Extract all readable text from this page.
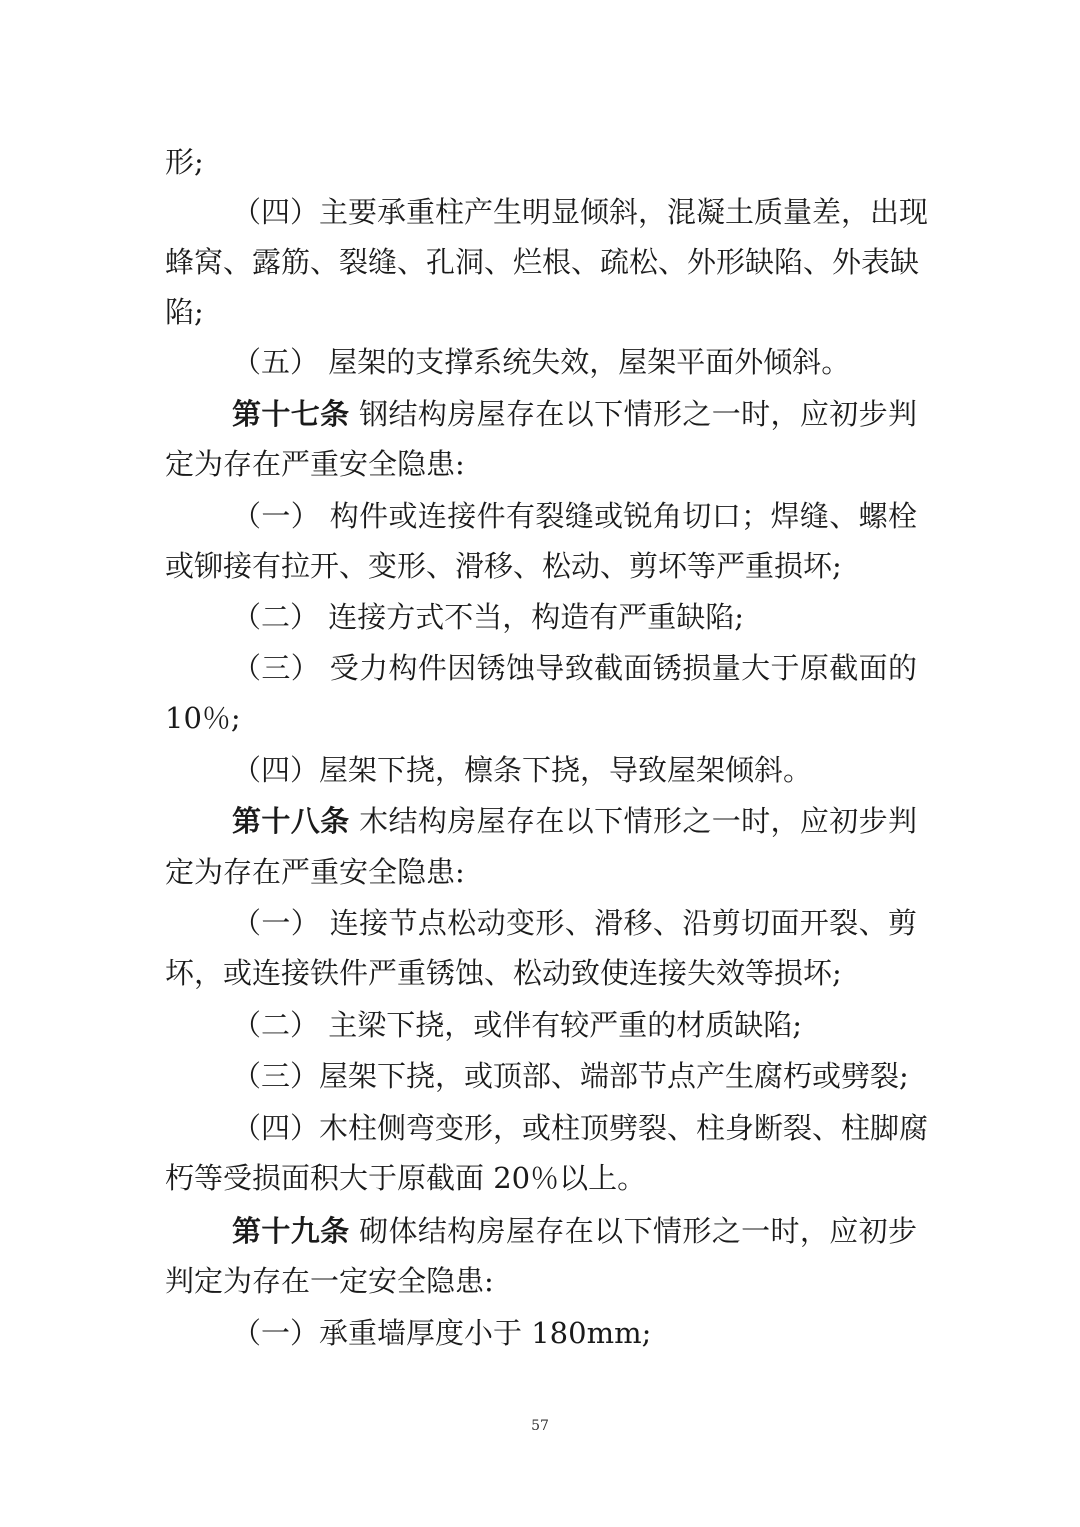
形;
（四）主要承重柱产生明显倾斜，混凝土质量差，出现
蜂窝、露筋、裂缝、孔洞、烂根、疏松、外形缺陷、外表缺
陷;
（五） 屋架的支撑系统失效，屋架平面外倾斜。
第十七条 钢结构房屋存在以下情形之一时，应初步判
定为存在严重安全隐患:
（一） 构件或连接件有裂缝或锐角切口；焊缝、螺栓
或铆接有拉开、变形、滑移、松动、剪坏等严重损坏;
（二） 连接方式不当，构造有严重缺陷;
（三） 受力构件因锈蚀导致截面锈损量大于原截面的
10％;
（四）屋架下挠，檩条下挠，导致屋架倾斜。
第十八条 木结构房屋存在以下情形之一时，应初步判
定为存在严重安全隐患:
（一） 连接节点松动变形、滑移、沿剪切面开裂、剪
坏，或连接铁件严重锈蚀、松动致使连接失效等损坏;
（二） 主梁下挠，或伴有较严重的材质缺陷;
（三）屋架下挠，或顶部、端部节点产生腐朽或劈裂;
（四）木柱侧弯变形，或柱顶劈裂、柱身断裂、柱脚腐
朽等受损面积大于原截面 20％以上。
第十九条 砌体结构房屋存在以下情形之一时，应初步
判定为存在一定安全隐患:
（一）承重墙厚度小于 180mm;
57
